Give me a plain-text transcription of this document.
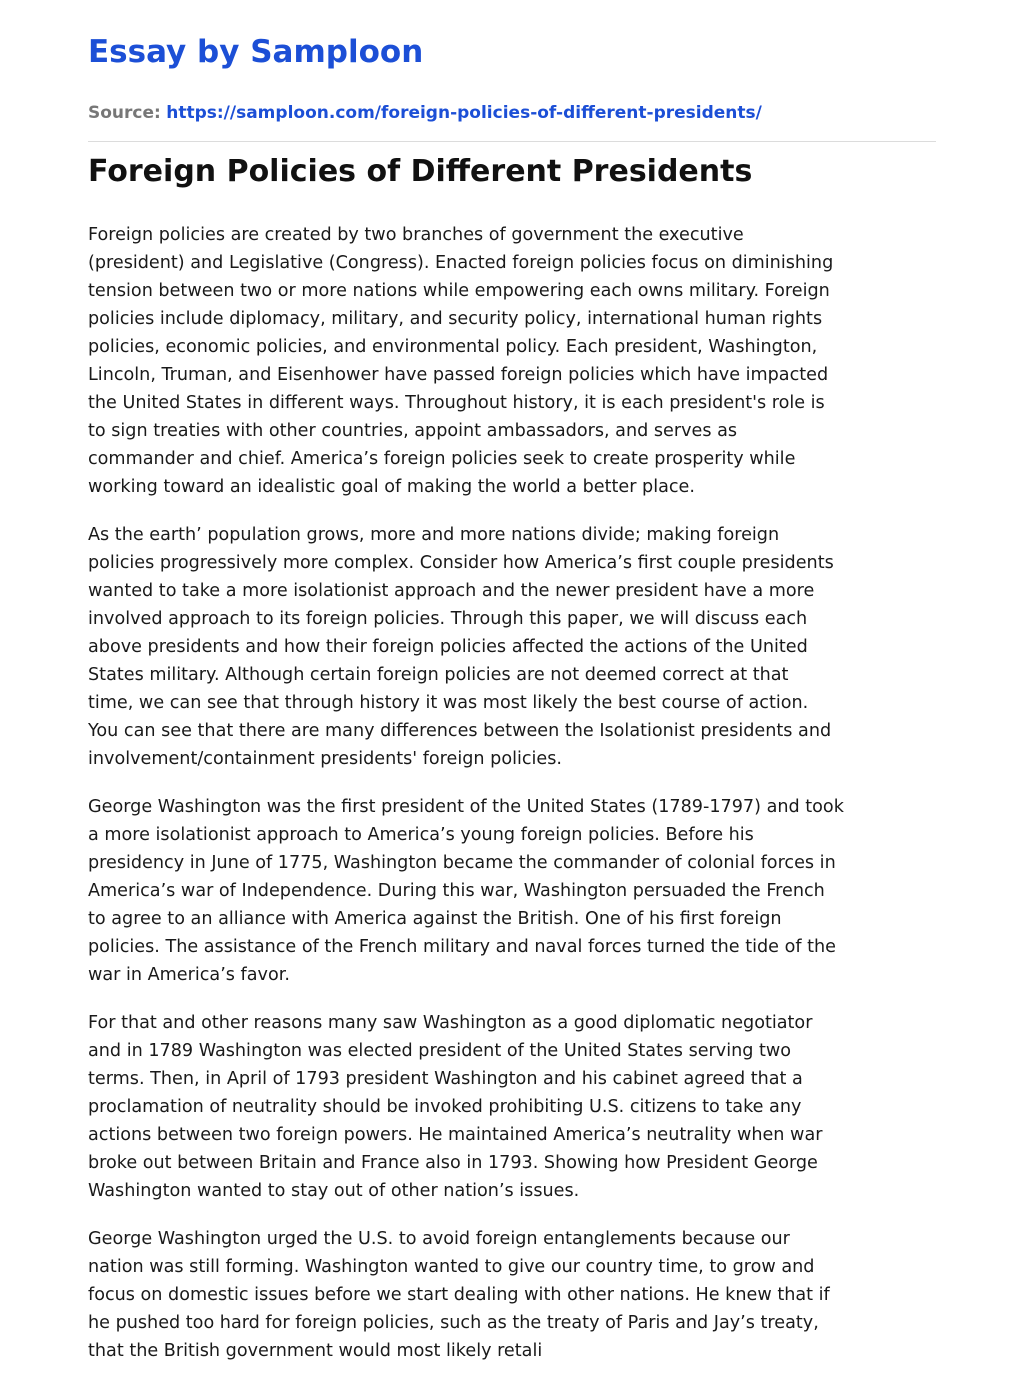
Essay by Samploon
Source: https://samploon.com/foreign-policies-of-different-presidents/
Foreign Policies of Different Presidents

Foreign policies are created by two branches of government the executive
(president) and Legislative (Congress). Enacted foreign policies focus on diminishing
tension between two or more nations while empowering each owns military. Foreign
policies include diplomacy, military, and security policy, international human rights
policies, economic policies, and environmental policy. Each president, Washington,
Lincoln, Truman, and Eisenhower have passed foreign policies which have impacted
the United States in different ways. Throughout history, it is each president's role is
to sign treaties with other countries, appoint ambassadors, and serves as
commander and chief. America’s foreign policies seek to create prosperity while
working toward an idealistic goal of making the world a better place.

As the earth’ population grows, more and more nations divide; making foreign
policies progressively more complex. Consider how America’s first couple presidents
wanted to take a more isolationist approach and the newer president have a more
involved approach to its foreign policies. Through this paper, we will discuss each
above presidents and how their foreign policies affected the actions of the United
States military. Although certain foreign policies are not deemed correct at that
time, we can see that through history it was most likely the best course of action.
You can see that there are many differences between the Isolationist presidents and
involvement/containment presidents' foreign policies.

George Washington was the first president of the United States (1789-1797) and took
a more isolationist approach to America’s young foreign policies. Before his
presidency in June of 1775, Washington became the commander of colonial forces in
America’s war of Independence. During this war, Washington persuaded the French
to agree to an alliance with America against the British. One of his first foreign
policies. The assistance of the French military and naval forces turned the tide of the
war in America’s favor.

For that and other reasons many saw Washington as a good diplomatic negotiator
and in 1789 Washington was elected president of the United States serving two
terms. Then, in April of 1793 president Washington and his cabinet agreed that a
proclamation of neutrality should be invoked prohibiting U.S. citizens to take any
actions between two foreign powers. He maintained America’s neutrality when war
broke out between Britain and France also in 1793. Showing how President George
Washington wanted to stay out of other nation’s issues.

George Washington urged the U.S. to avoid foreign entanglements because our
nation was still forming. Washington wanted to give our country time, to grow and
focus on domestic issues before we start dealing with other nations. He knew that if
he pushed too hard for foreign policies, such as the treaty of Paris and Jay’s treaty,
that the British government would most likely retali
